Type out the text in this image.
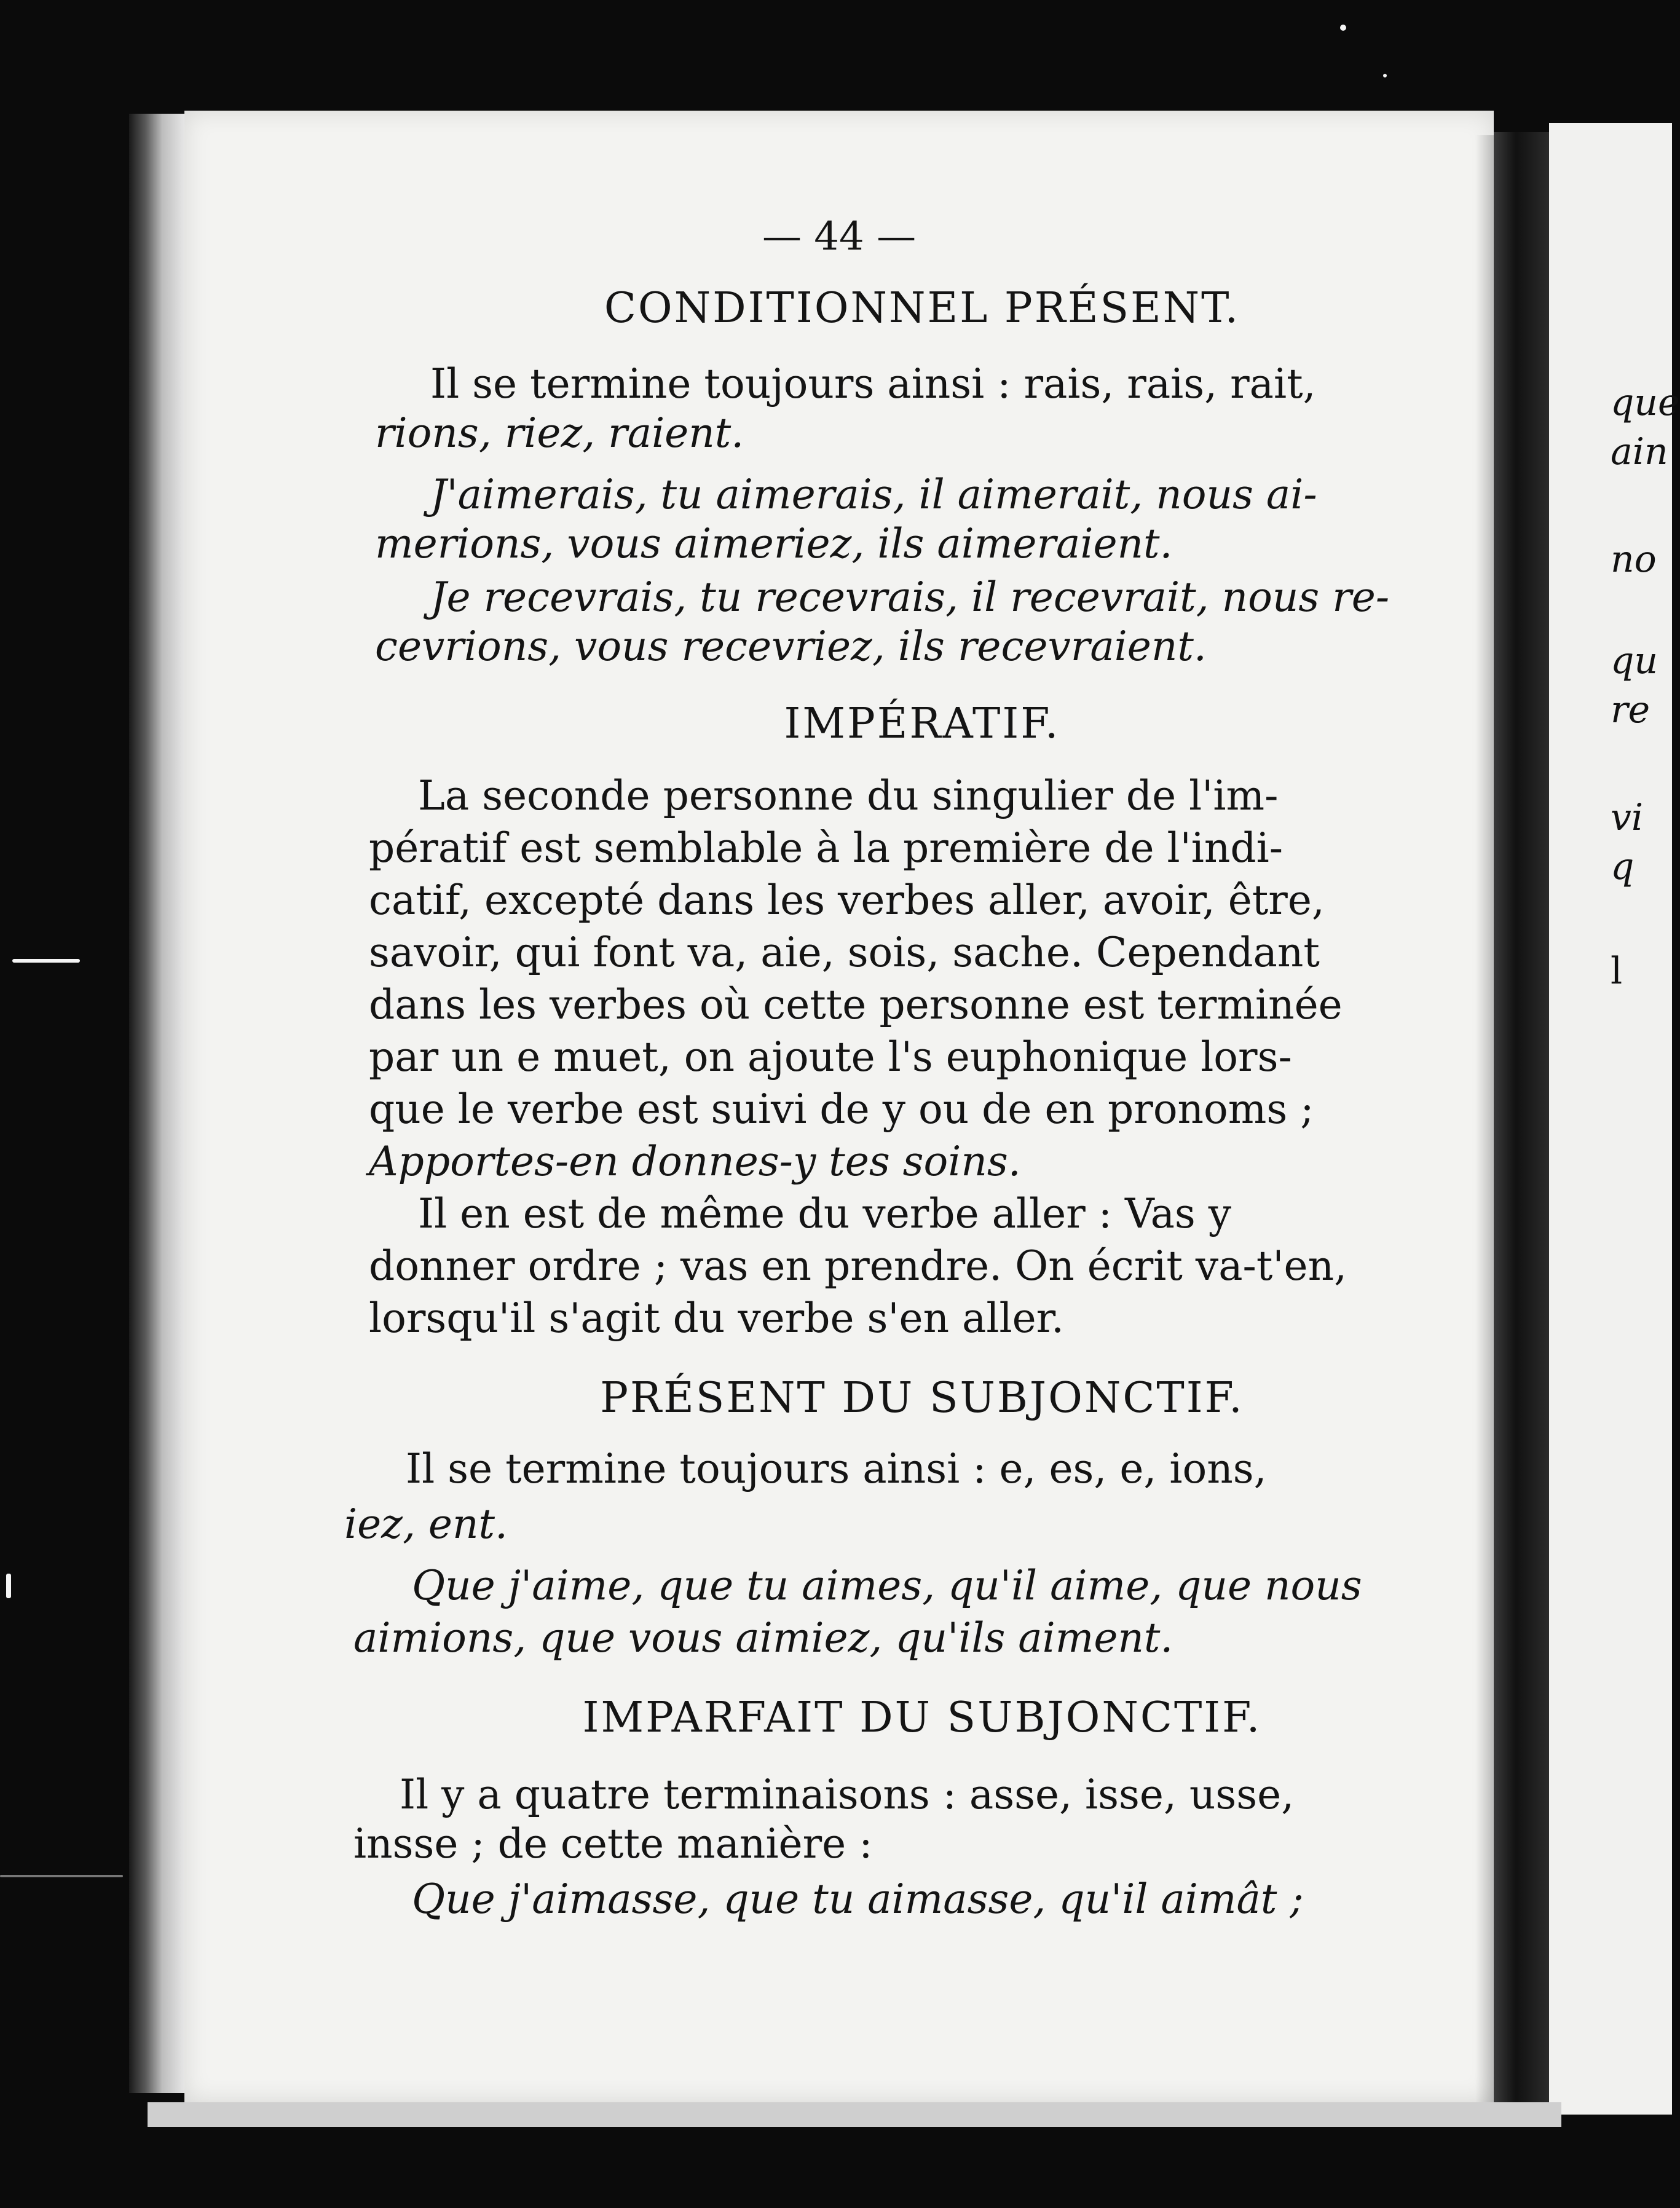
— 44 —
CONDITIONNEL PRÉSENT.
Il se termine toujours ainsi : rais, rais, rait,
rions, riez, raient.
J'aimerais, tu aimerais, il aimerait, nous ai-
merions, vous aimeriez, ils aimeraient.
Je recevrais, tu recevrais, il recevrait, nous re-
cevrions, vous recevriez, ils recevraient.
IMPÉRATIF.
La seconde personne du singulier de l'im-
pératif est semblable à la première de l'indi-
catif, excepté dans les verbes aller, avoir, être,
savoir, qui font va, aie, sois, sache. Cependant
dans les verbes où cette personne est terminée
par un e muet, on ajoute l's euphonique lors-
que le verbe est suivi de y ou de en pronoms ;
Apportes-en donnes-y tes soins.
Il en est de même du verbe aller : Vas y
donner ordre ; vas en prendre. On écrit va-t'en,
lorsqu'il s'agit du verbe s'en aller.
PRÉSENT DU SUBJONCTIF.
Il se termine toujours ainsi : e, es, e, ions,
iez, ent.
Que j'aime, que tu aimes, qu'il aime, que nous
aimions, que vous aimiez, qu'ils aiment.
IMPARFAIT DU SUBJONCTIF.
Il y a quatre terminaisons : asse, isse, usse,
insse ; de cette manière :
Que j'aimasse, que tu aimasse, qu'il aimât ;
que
ain
no
qu
re
vi
q
l
